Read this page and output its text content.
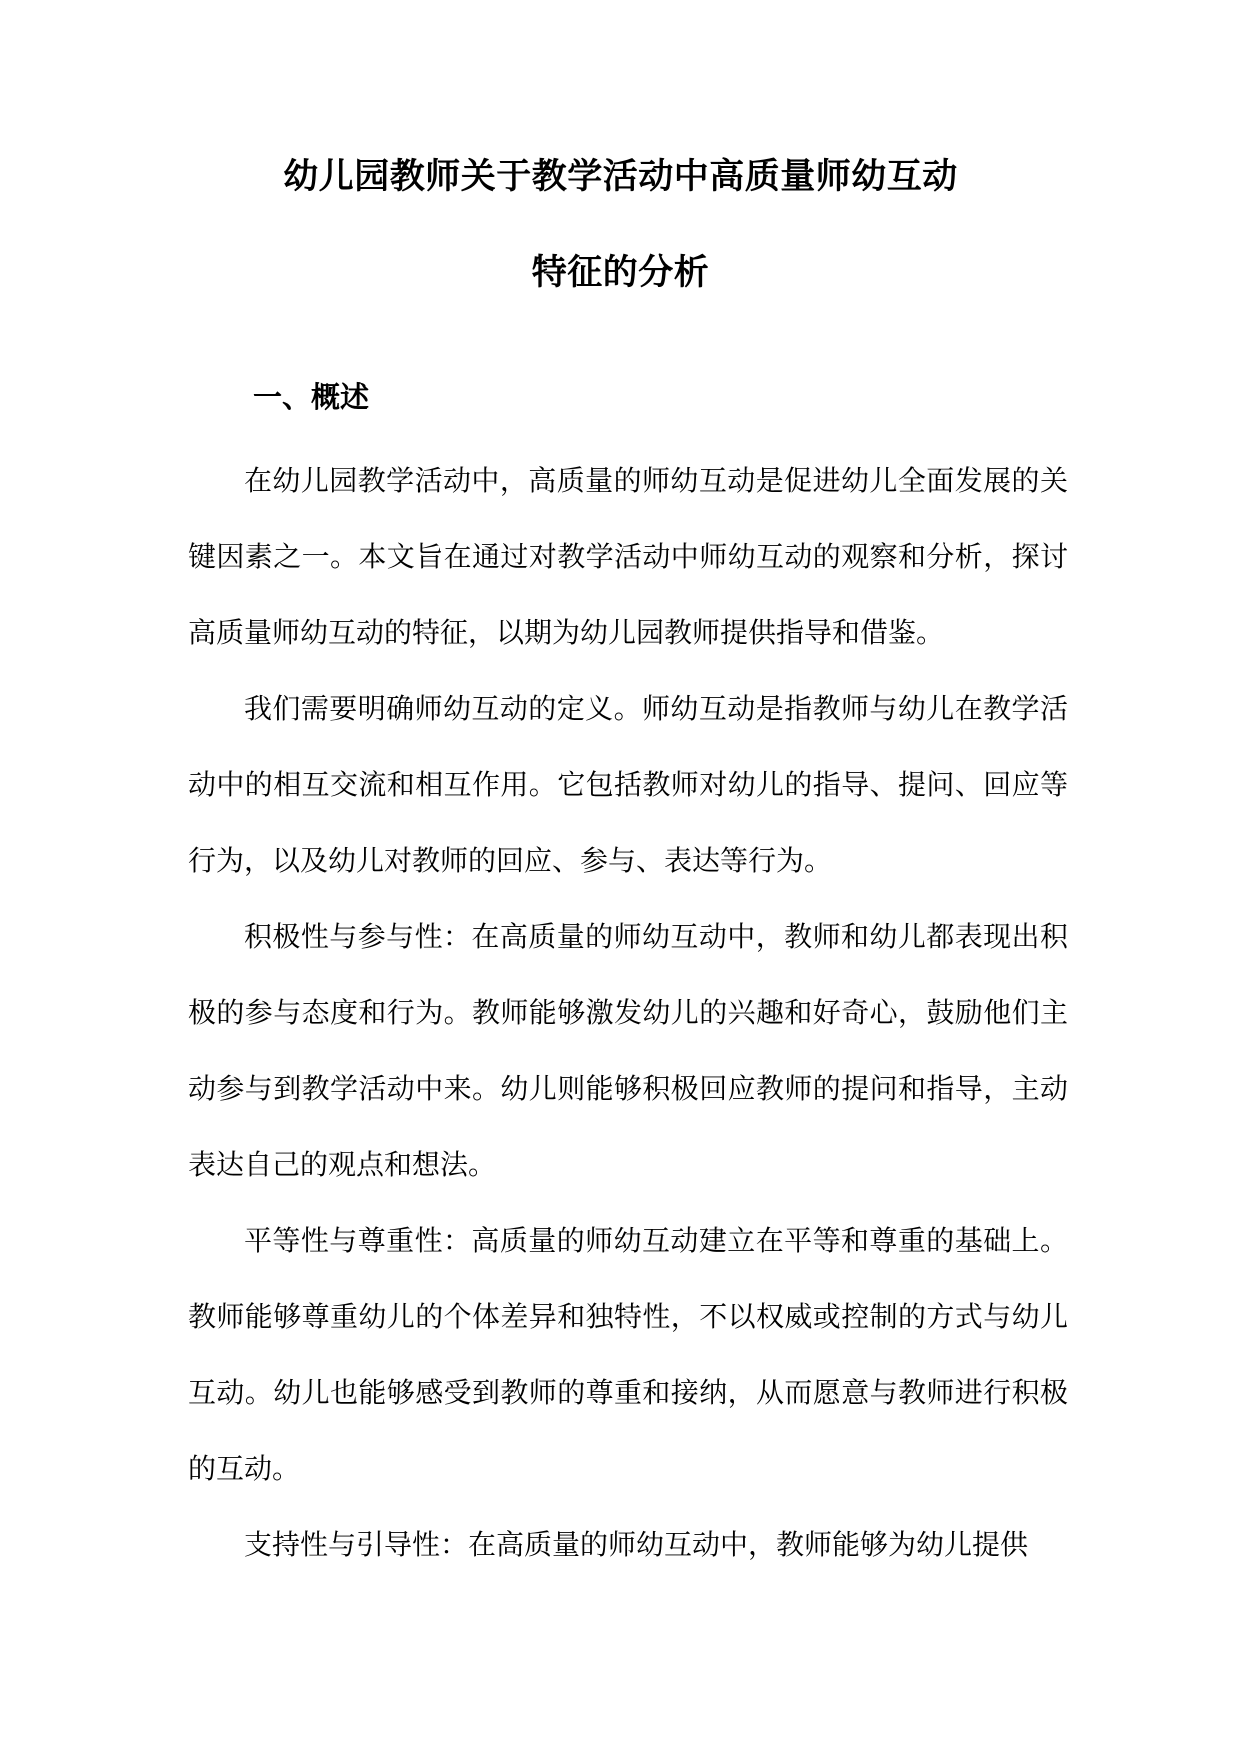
幼儿园教师关于教学活动中高质量师幼互动
特征的分析
一、概述

在幼儿园教学活动中，高质量的师幼互动是促进幼儿全面发展的关键因素之一。本文旨在通过对教学活动中师幼互动的观察和分析，探讨高质量师幼互动的特征，以期为幼儿园教师提供指导和借鉴。

我们需要明确师幼互动的定义。师幼互动是指教师与幼儿在教学活动中的相互交流和相互作用。它包括教师对幼儿的指导、提问、回应等行为，以及幼儿对教师的回应、参与、表达等行为。

积极性与参与性：在高质量的师幼互动中，教师和幼儿都表现出积极的参与态度和行为。教师能够激发幼儿的兴趣和好奇心，鼓励他们主动参与到教学活动中来。幼儿则能够积极回应教师的提问和指导，主动表达自己的观点和想法。

平等性与尊重性：高质量的师幼互动建立在平等和尊重的基础上。教师能够尊重幼儿的个体差异和独特性，不以权威或控制的方式与幼儿互动。幼儿也能够感受到教师的尊重和接纳，从而愿意与教师进行积极的互动。

支持性与引导性：在高质量的师幼互动中，教师能够为幼儿提供
